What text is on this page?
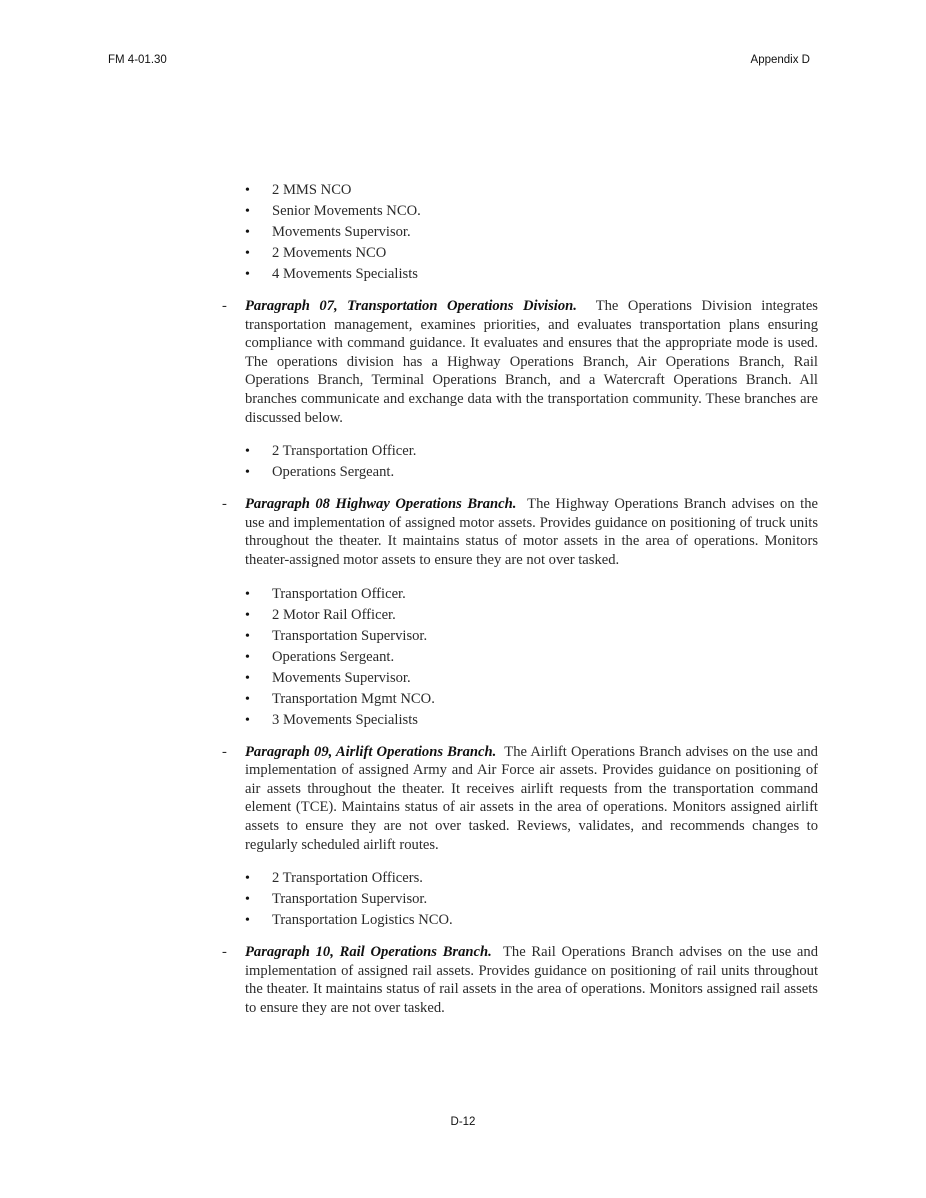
FM 4-01.30	Appendix D
• 2 MMS NCO
• Senior Movements NCO.
• Movements Supervisor.
• 2 Movements NCO
• 4 Movements Specialists
- Paragraph 07, Transportation Operations Division. The Operations Division integrates transportation management, examines priorities, and evaluates transportation plans ensuring compliance with command guidance. It evaluates and ensures that the appropriate mode is used. The operations division has a Highway Operations Branch, Air Operations Branch, Rail Operations Branch, Terminal Operations Branch, and a Watercraft Operations Branch. All branches communicate and exchange data with the transportation community. These branches are discussed below.
• 2 Transportation Officer.
• Operations Sergeant.
- Paragraph 08 Highway Operations Branch. The Highway Operations Branch advises on the use and implementation of assigned motor assets. Provides guidance on positioning of truck units throughout the theater. It maintains status of motor assets in the area of operations. Monitors theater-assigned motor assets to ensure they are not over tasked.
• Transportation Officer.
• 2 Motor Rail Officer.
• Transportation Supervisor.
• Operations Sergeant.
• Movements Supervisor.
• Transportation Mgmt NCO.
• 3 Movements Specialists
- Paragraph 09, Airlift Operations Branch. The Airlift Operations Branch advises on the use and implementation of assigned Army and Air Force air assets. Provides guidance on positioning of air assets throughout the theater. It receives airlift requests from the transportation command element (TCE). Maintains status of air assets in the area of operations. Monitors assigned airlift assets to ensure they are not over tasked. Reviews, validates, and recommends changes to regularly scheduled airlift routes.
• 2 Transportation Officers.
• Transportation Supervisor.
• Transportation Logistics NCO.
- Paragraph 10, Rail Operations Branch. The Rail Operations Branch advises on the use and implementation of assigned rail assets. Provides guidance on positioning of rail units throughout the theater. It maintains status of rail assets in the area of operations. Monitors assigned rail assets to ensure they are not over tasked.
D-12
